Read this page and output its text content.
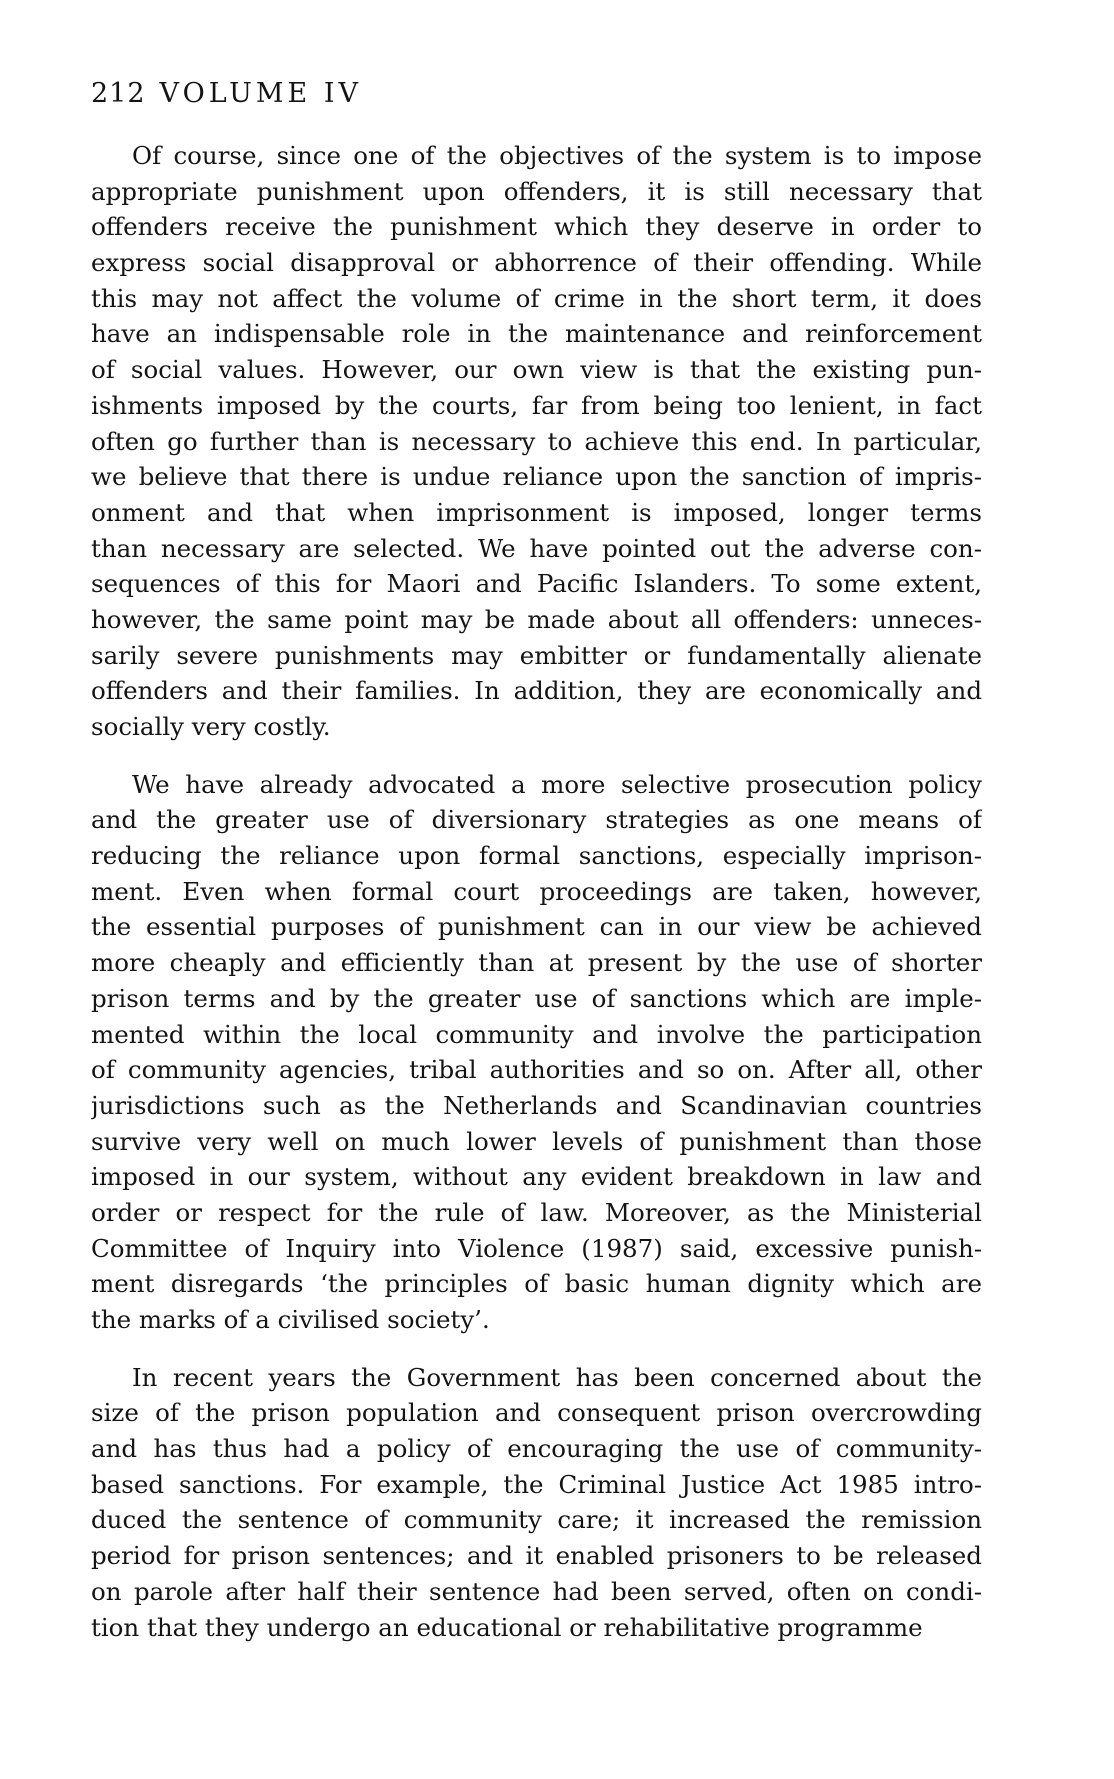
212 VOLUME IV
Of course, since one of the objectives of the system is to impose
appropriate punishment upon offenders, it is still necessary that
offenders receive the punishment which they deserve in order to
express social disapproval or abhorrence of their offending. While
this may not affect the volume of crime in the short term, it does
have an indispensable role in the maintenance and reinforcement
of social values. However, our own view is that the existing pun-
ishments imposed by the courts, far from being too lenient, in fact
often go further than is necessary to achieve this end. In particular,
we believe that there is undue reliance upon the sanction of impris-
onment and that when imprisonment is imposed, longer terms
than necessary are selected. We have pointed out the adverse con-
sequences of this for Maori and Pacific Islanders. To some extent,
however, the same point may be made about all offenders: unneces-
sarily severe punishments may embitter or fundamentally alienate
offenders and their families. In addition, they are economically and
socially very costly.
We have already advocated a more selective prosecution policy
and the greater use of diversionary strategies as one means of
reducing the reliance upon formal sanctions, especially imprison-
ment. Even when formal court proceedings are taken, however,
the essential purposes of punishment can in our view be achieved
more cheaply and efficiently than at present by the use of shorter
prison terms and by the greater use of sanctions which are imple-
mented within the local community and involve the participation
of community agencies, tribal authorities and so on. After all, other
jurisdictions such as the Netherlands and Scandinavian countries
survive very well on much lower levels of punishment than those
imposed in our system, without any evident breakdown in law and
order or respect for the rule of law. Moreover, as the Ministerial
Committee of Inquiry into Violence (1987) said, excessive punish-
ment disregards ‘the principles of basic human dignity which are
the marks of a civilised society’.
In recent years the Government has been concerned about the
size of the prison population and consequent prison overcrowding
and has thus had a policy of encouraging the use of community-
based sanctions. For example, the Criminal Justice Act 1985 intro-
duced the sentence of community care; it increased the remission
period for prison sentences; and it enabled prisoners to be released
on parole after half their sentence had been served, often on condi-
tion that they undergo an educational or rehabilitative programme
